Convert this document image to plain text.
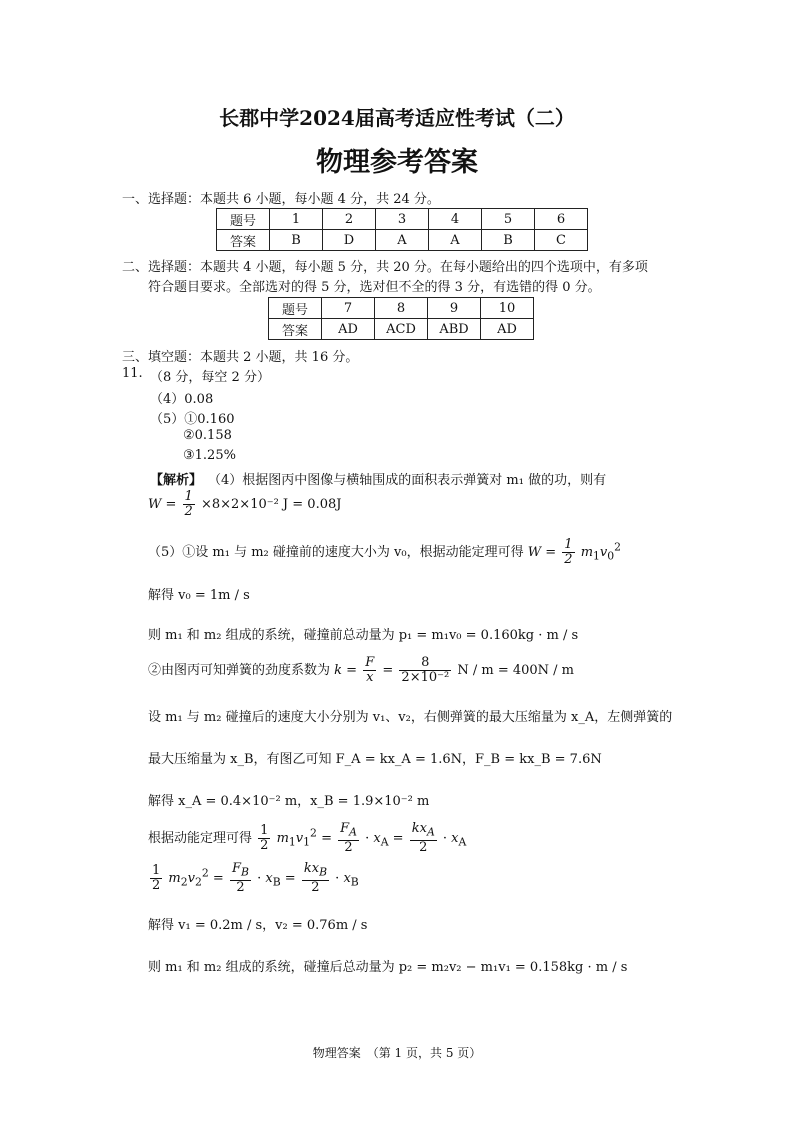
长郡中学2024届高考适应性考试（二）
物理参考答案
一、选择题：本题共 6 小题，每小题 4 分，共 24 分。
题号	1	2	3	4	5	6
答案	B	D	A	A	B	C
二、选择题：本题共 4 小题，每小题 5 分，共 20 分。在每小题给出的四个选项中，有多项
符合题目要求。全部选对的得 5 分，选对但不全的得 3 分，有选错的得 0 分。
题号	7	8	9	10
答案	AD	ACD	ABD	AD
三、填空题：本题共 2 小题，共 16 分。
11. （8 分，每空 2 分）
（4）0.08
（5）①0.160
②0.158
③1.25%
【解析】 （4）根据图丙中图像与横轴围成的面积表示弹簧对 m₁ 做的功，则有
$W = \frac{1}{2} \times 8\times 2\times 10^{-2}$ J = 0.08J
（5）①设 m₁ 与 m₂ 碰撞前的速度大小为 v₀，根据动能定理可得 $W = \frac{1}{2} m_1v_0^2$
解得 v₀ = 1m / s
则 m₁ 和 m₂ 组成的系统，碰撞前总动量为 p₁ = m₁v₀ = 0.160kg · m / s
②由图丙可知弹簧的劲度系数为 $k = \frac{F}{x} = \frac{8}{\text{2×10⁻²}}$ N / m = 400N / m
设 m₁ 与 m₂ 碰撞后的速度大小分别为 v₁、v₂，右侧弹簧的最大压缩量为 x_A，左侧弹簧的
最大压缩量为 x_B，有图乙可知 F_A = kx_A = 1.6N，F_B = kx_B = 7.6N
解得 x_A = 0.4×10⁻² m，x_B = 1.9×10⁻² m
根据动能定理可得 $\frac{1}{2} m_1v_1^2 = \frac{F_A}{2} \cdot x_A = \frac{kx_A}{2} \cdot x_A$
$\frac{1}{2} m_2v_2^2 = \frac{F_B}{2} \cdot x_B = \frac{kx_B}{2} \cdot x_B$
解得 v₁ = 0.2m / s，v₂ = 0.76m / s
则 m₁ 和 m₂ 组成的系统，碰撞后总动量为 p₂ = m₂v₂ − m₁v₁ = 0.158kg · m / s
物理答案　（第 1 页，共 5 页）
